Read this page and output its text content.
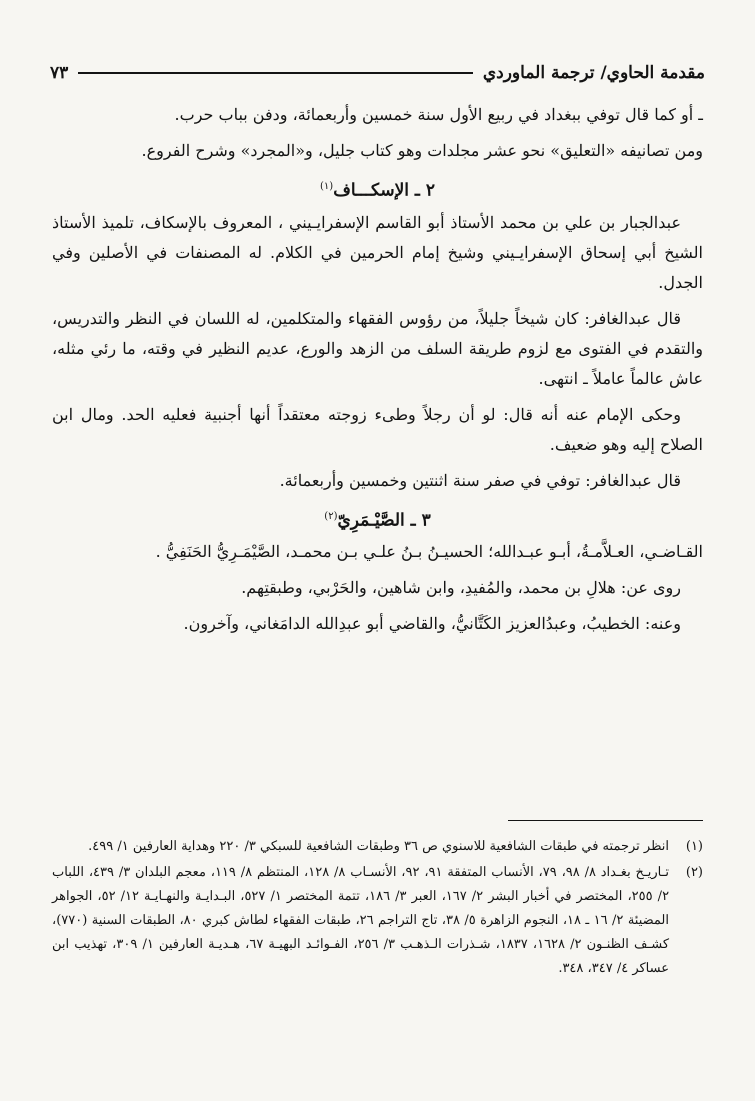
مقدمة الحاوي/ ترجمة الماوردي
٧٣

ـ أو كما قال توفي ببغداد في ربيع الأول سنة خمسين وأربعمائة، ودفن بباب حرب.

ومن تصانيفه «التعليق» نحو عشر مجلدات وهو كتاب جليل، و«المجرد» وشرح الفروع.

٢ ـ الإسكـــاف$^{(١)}$

عبدالجبار بن علي بن محمد الأستاذ أبو القاسم الإسفرايـيني ، المعروف بالإسكاف، تلميذ الأستاذ الشيخ أبي إسحاق الإسفرايـيني وشيخ إمام الحرمين في الكلام. له المصنفات في الأصلين وفي الجدل.

قال عبدالغافر: كان شيخاً جليلاً، من رؤوس الفقهاء والمتكلمين، له اللسان في النظر والتدريس، والتقدم في الفتوى مع لزوم طريقة السلف من الزهد والورع، عديم النظير في وقته، ما رئي مثله، عاش عالماً عاملاً ـ انتهى.

وحكى الإمام عنه أنه قال: لو أن رجلاً وطىء زوجته معتقداً أنها أجنبية فعليه الحد. ومال ابن الصلاح إليه وهو ضعيف.

قال عبدالغافر: توفي في صفر سنة اثنتين وخمسين وأربعمائة.

٣ ـ الصَّيْـمَرِيّ$^{(٢)}$

القـاضـي، العـلاَّمـةُ، أبـو عبـدالله؛ الحسيـنُ بـنُ علـي بـن محمـد، الصَّيْمَـرِيُّ الحَنَفِيُّ .

روى عن: هلالِ بن محمد، والمُفيدِ، وابن شاهين، والحَرْبي، وطبقتِهم.

وعنه: الخطيبُ، وعبدُالعزيز الكَتَّانيُّ، والقاضي أبو عبدِالله الدامَغاني، وآخرون.

(١)
انظر ترجمته في طبقات الشافعية للاسنوي ص ٣٦ وطبقات الشافعية للسبكي ٣/ ٢٢٠ وهداية العارفين ١/ ٤٩٩.
(٢)
تـاريـخ بغـداد ٨/ ٩٨، ٧٩، الأنساب المتفقة ٩١، ٩٢، الأنسـاب ٨/ ١٢٨، المنتظم ٨/ ١١٩، معجم البلدان ٣/ ٤٣٩، اللباب ٢/ ٢٥٥، المختصر في أخبار البشر ٢/ ١٦٧، العبر ٣/ ١٨٦، تتمة المختصر ١/ ٥٢٧، البـدايـة والنهـايـة ١٢/ ٥٢، الجواهر المضيئة ٢/ ١٦ ـ ١٨، النجوم الزاهرة ٥/ ٣٨، تاج التراجم ٢٦، طبقات الفقهاء لطاش كبري ٨٠، الطبقات السنية (٧٧٠)، كشـف الظنـون ٢/ ١٦٢٨، ١٨٣٧، شـذرات الـذهـب ٣/ ٢٥٦، الفـوائـد البهيـة ٦٧، هـديـة العارفين ١/ ٣٠٩، تهذيب ابن عساكر ٤/ ٣٤٧، ٣٤٨.
